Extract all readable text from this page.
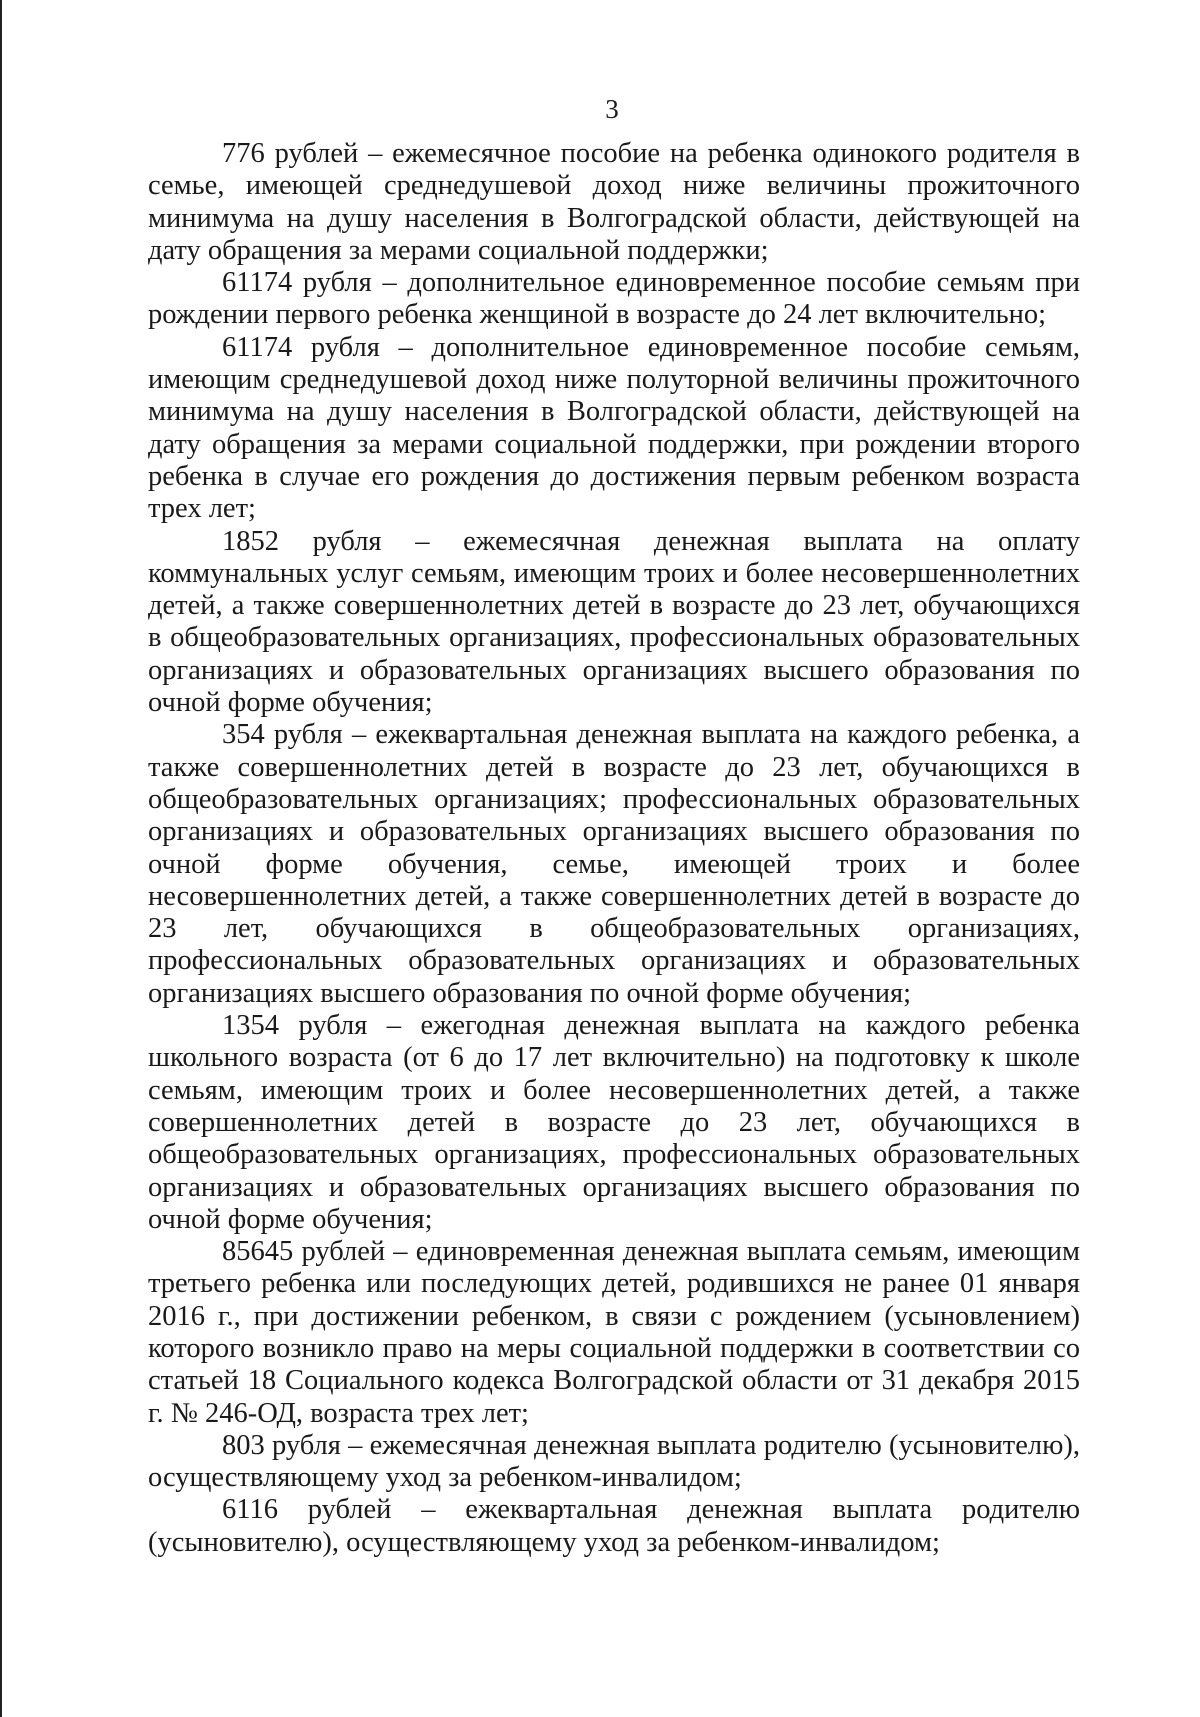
3

776 рублей – ежемесячное пособие на ребенка одинокого родителя в семье, имеющей среднедушевой доход ниже величины прожиточного минимума на душу населения в Волгоградской области, действующей на дату обращения за мерами социальной поддержки;

61174 рубля – дополнительное единовременное пособие семьям при рождении первого ребенка женщиной в возрасте до 24 лет включительно;

61174 рубля – дополнительное единовременное пособие семьям, имеющим среднедушевой доход ниже полуторной величины прожиточного минимума на душу населения в Волгоградской области, действующей на дату обращения за мерами социальной поддержки, при рождении второго ребенка в случае его рождения до достижения первым ребенком возраста трех лет;

1852 рубля – ежемесячная денежная выплата на оплату коммунальных услуг семьям, имеющим троих и более несовершеннолетних детей, а также совершеннолетних детей в возрасте до 23 лет, обучающихся в общеобразовательных организациях, профессиональных образовательных организациях и образовательных организациях высшего образования по очной форме обучения;

354 рубля – ежеквартальная денежная выплата на каждого ребенка, а также совершеннолетних детей в возрасте до 23 лет, обучающихся в общеобразовательных организациях; профессиональных образовательных организациях и образовательных организациях высшего образования по очной форме обучения, семье, имеющей троих и более несовершеннолетних детей, а также совершеннолетних детей в возрасте до 23 лет, обучающихся в общеобразовательных организациях, профессиональных образовательных организациях и образовательных организациях высшего образования по очной форме обучения;

1354 рубля – ежегодная денежная выплата на каждого ребенка школьного возраста (от 6 до 17 лет включительно) на подготовку к школе семьям, имеющим троих и более несовершеннолетних детей, а также совершеннолетних детей в возрасте до 23 лет, обучающихся в общеобразовательных организациях, профессиональных образовательных организациях и образовательных организациях высшего образования по очной форме обучения;

85645 рублей – единовременная денежная выплата семьям, имеющим третьего ребенка или последующих детей, родившихся не ранее 01 января 2016 г., при достижении ребенком, в связи с рождением (усыновлением) которого возникло право на меры социальной поддержки в соответствии со статьей 18 Социального кодекса Волгоградской области от 31 декабря 2015 г. № 246-ОД, возраста трех лет;

803 рубля – ежемесячная денежная выплата родителю (усыновителю), осуществляющему уход за ребенком-инвалидом;

6116 рублей – ежеквартальная денежная выплата родителю (усыновителю), осуществляющему уход за ребенком-инвалидом;
